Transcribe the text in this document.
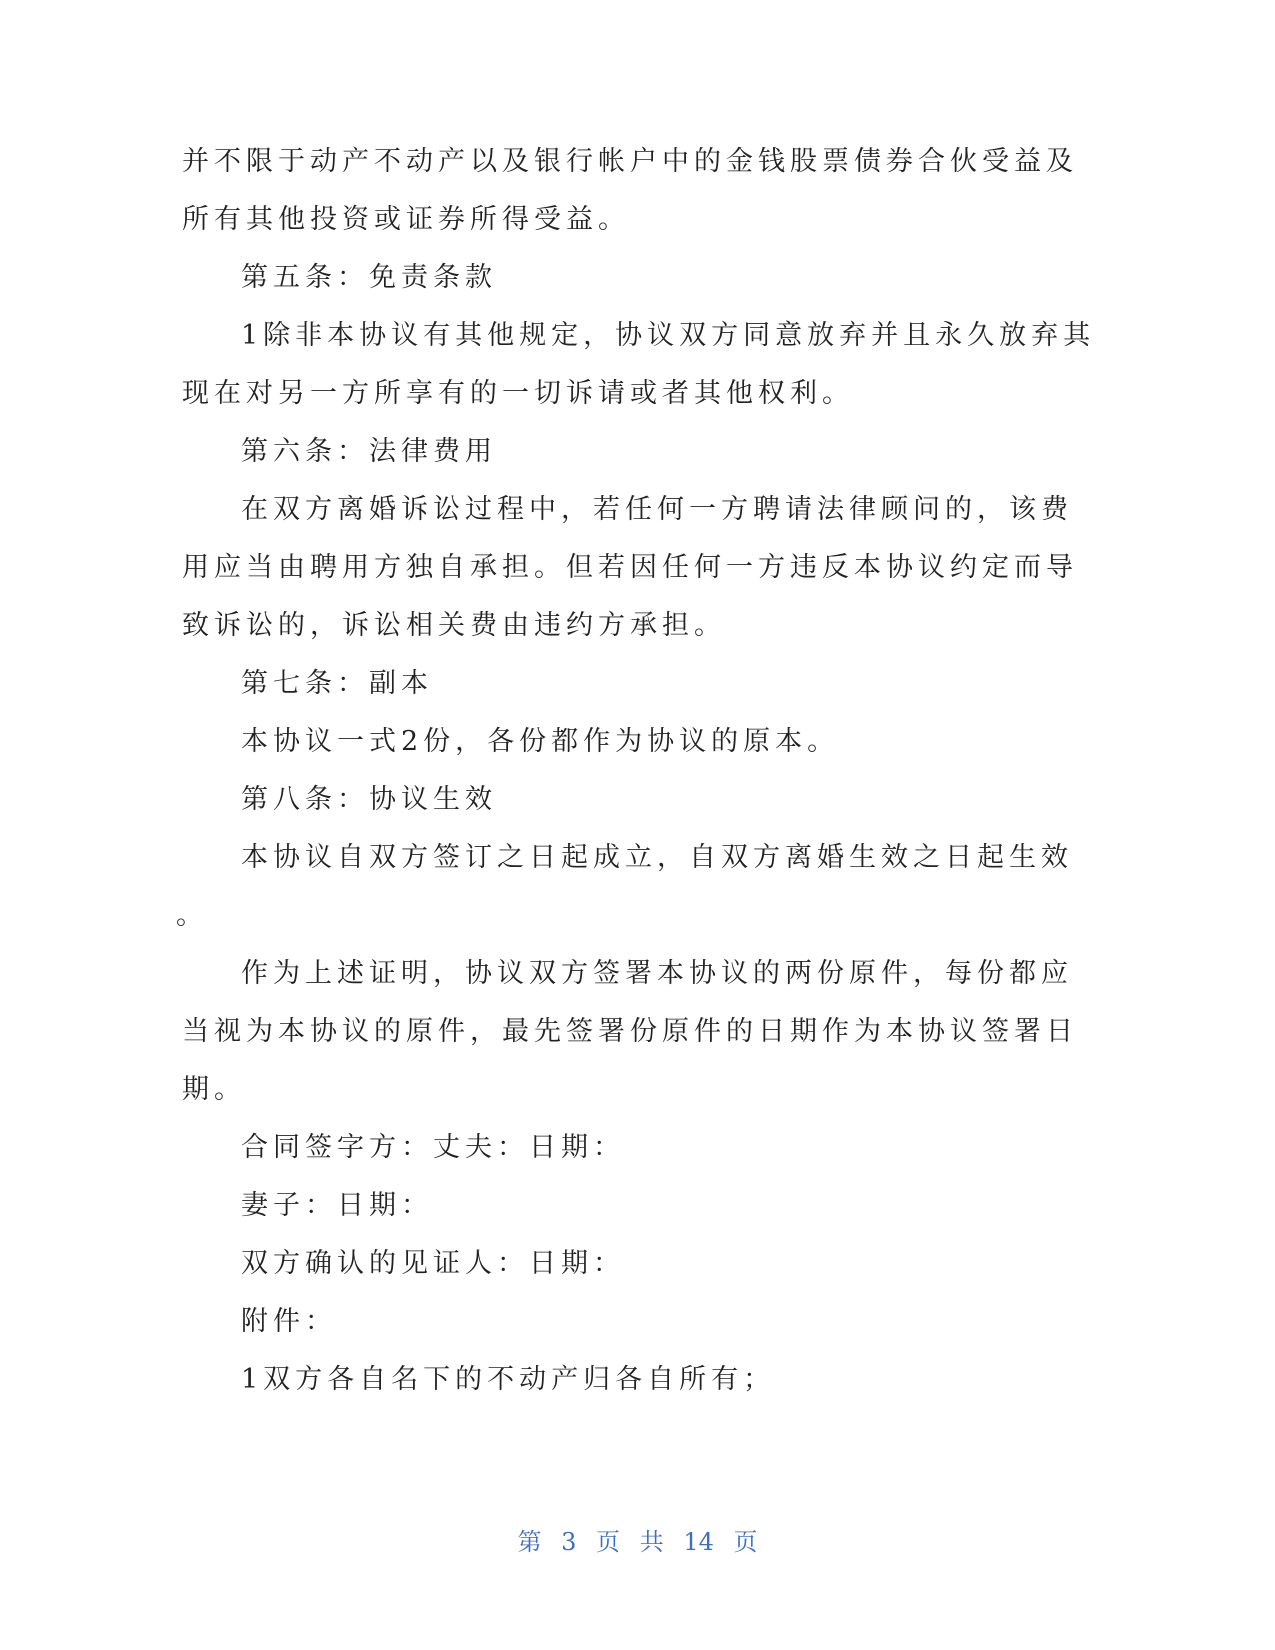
并不限于动产不动产以及银行帐户中的金钱股票债券合伙受益及
所有其他投资或证券所得受益。
第五条：免责条款
1除非本协议有其他规定，协议双方同意放弃并且永久放弃其
现在对另一方所享有的一切诉请或者其他权利。
第六条：法律费用
在双方离婚诉讼过程中，若任何一方聘请法律顾问的，该费
用应当由聘用方独自承担。但若因任何一方违反本协议约定而导
致诉讼的，诉讼相关费由违约方承担。
第七条：副本
本协议一式2份，各份都作为协议的原本。
第八条：协议生效
本协议自双方签订之日起成立，自双方离婚生效之日起生效
。
作为上述证明，协议双方签署本协议的两份原件，每份都应
当视为本协议的原件，最先签署份原件的日期作为本协议签署日
期。
合同签字方：丈夫：日期：
妻子：日期：
双方确认的见证人：日期：
附件：
1双方各自名下的不动产归各自所有；
第 3 页 共 14 页
